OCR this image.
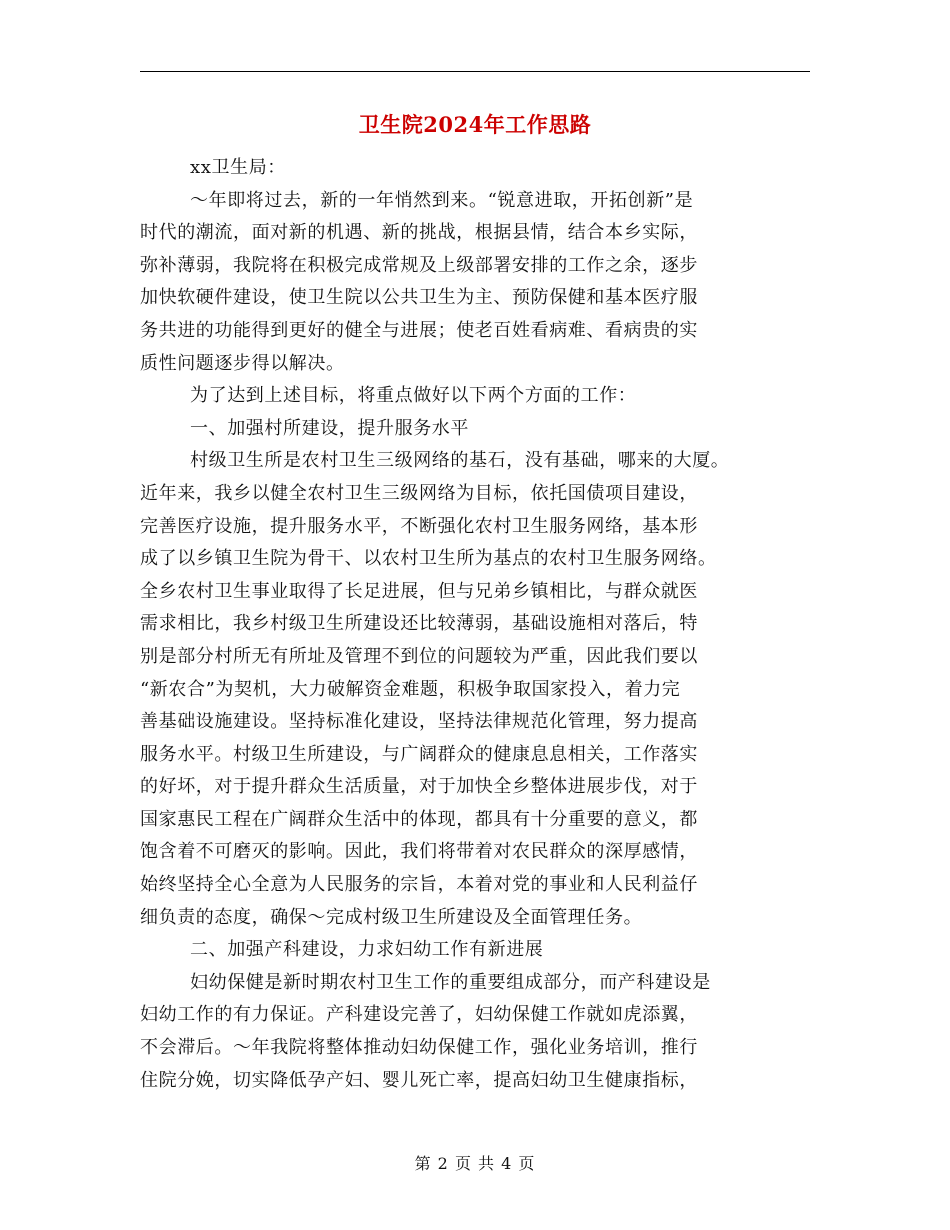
卫生院2024年工作思路
xx卫生局：
～年即将过去，新的一年悄然到来。“锐意进取，开拓创新”是
时代的潮流，面对新的机遇、新的挑战，根据县情，结合本乡实际，
弥补薄弱，我院将在积极完成常规及上级部署安排的工作之余，逐步
加快软硬件建设，使卫生院以公共卫生为主、预防保健和基本医疗服
务共进的功能得到更好的健全与进展；使老百姓看病难、看病贵的实
质性问题逐步得以解决。
为了达到上述目标，将重点做好以下两个方面的工作：
一、加强村所建设，提升服务水平
村级卫生所是农村卫生三级网络的基石，没有基础，哪来的大厦。
近年来，我乡以健全农村卫生三级网络为目标，依托国债项目建设，
完善医疗设施，提升服务水平，不断强化农村卫生服务网络，基本形
成了以乡镇卫生院为骨干、以农村卫生所为基点的农村卫生服务网络。
全乡农村卫生事业取得了长足进展，但与兄弟乡镇相比，与群众就医
需求相比，我乡村级卫生所建设还比较薄弱，基础设施相对落后，特
别是部分村所无有所址及管理不到位的问题较为严重，因此我们要以
“新农合”为契机，大力破解资金难题，积极争取国家投入，着力完
善基础设施建设。坚持标准化建设，坚持法律规范化管理，努力提高
服务水平。村级卫生所建设，与广阔群众的健康息息相关，工作落实
的好坏，对于提升群众生活质量，对于加快全乡整体进展步伐，对于
国家惠民工程在广阔群众生活中的体现，都具有十分重要的意义，都
饱含着不可磨灭的影响。因此，我们将带着对农民群众的深厚感情，
始终坚持全心全意为人民服务的宗旨，本着对党的事业和人民利益仔
细负责的态度，确保～完成村级卫生所建设及全面管理任务。
二、加强产科建设，力求妇幼工作有新进展
妇幼保健是新时期农村卫生工作的重要组成部分，而产科建设是
妇幼工作的有力保证。产科建设完善了，妇幼保健工作就如虎添翼，
不会滞后。～年我院将整体推动妇幼保健工作，强化业务培训，推行
住院分娩，切实降低孕产妇、婴儿死亡率，提高妇幼卫生健康指标，
第 2 页 共 4 页
